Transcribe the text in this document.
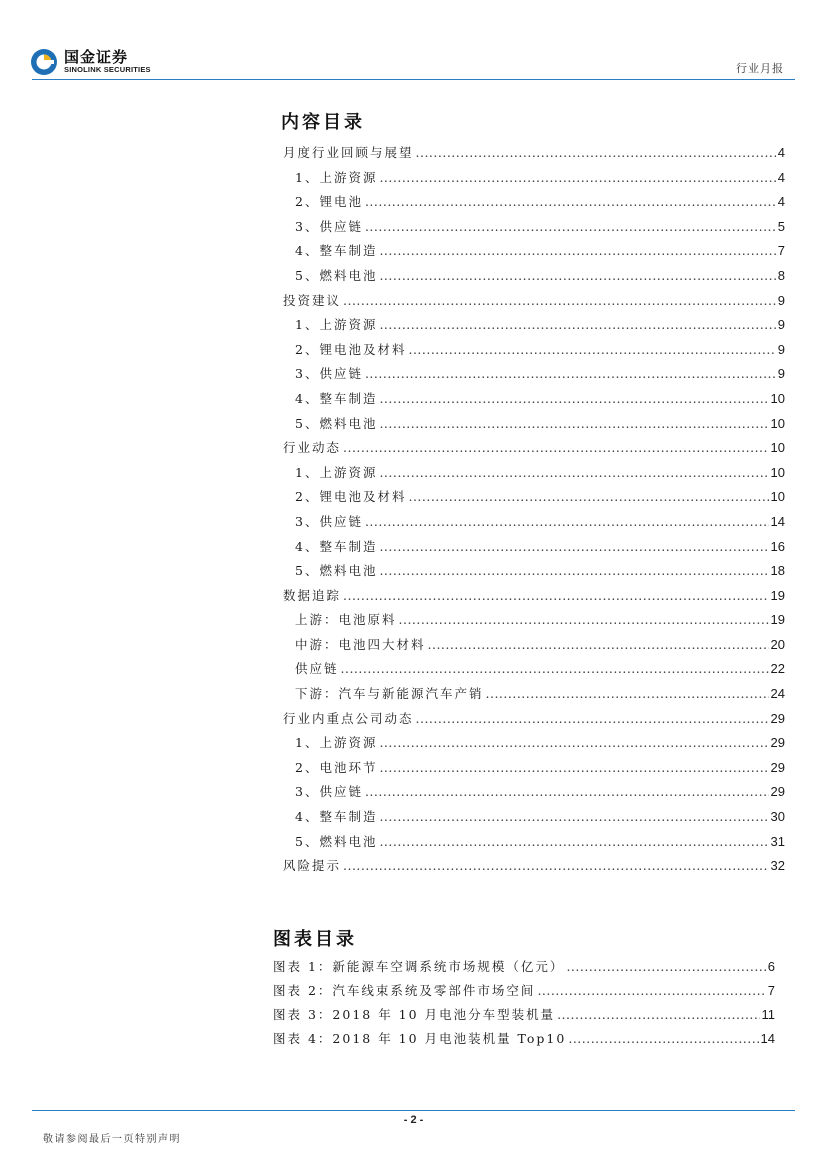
国金证券
SINOLINK SECURITIES	行业月报
内容目录
月度行业回顾与展望 .....	4
1、上游资源 .....	4
2、锂电池 .....	4
3、供应链 .....	5
4、整车制造 .....	7
5、燃料电池 .....	8
投资建议 .....	9
1、上游资源 .....	9
2、锂电池及材料 .....	9
3、供应链 .....	9
4、整车制造 .....	10
5、燃料电池 .....	10
行业动态 .....	10
1、上游资源 .....	10
2、锂电池及材料 .....	10
3、供应链 .....	14
4、整车制造 .....	16
5、燃料电池 .....	18
数据追踪 .....	19
上游：电池原料 .....	19
中游：电池四大材料 .....	20
供应链 .....	22
下游：汽车与新能源汽车产销 .....	24
行业内重点公司动态 .....	29
1、上游资源 .....	29
2、电池环节 .....	29
3、供应链 .....	29
4、整车制造 .....	30
5、燃料电池 .....	31
风险提示 .....	32
图表目录
图表 1：新能源车空调系统市场规模（亿元） .....	6
图表 2：汽车线束系统及零部件市场空间 .....	7
图表 3：2018 年 10 月电池分车型装机量 .....	11
图表 4：2018 年 10 月电池装机量 Top10 .....	14
- 2 -
敬请参阅最后一页特别声明
